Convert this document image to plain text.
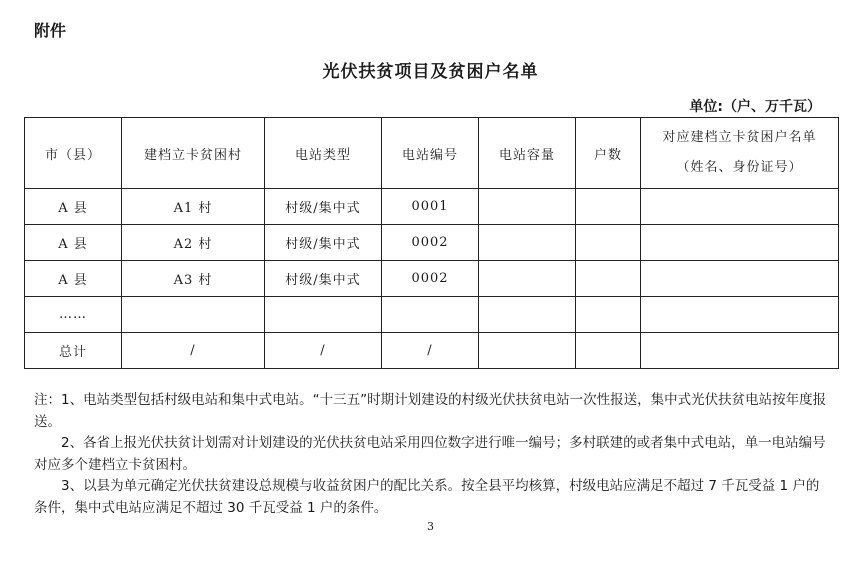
附件
光伏扶贫项目及贫困户名单
单位:（户、万千瓦）
市（县）	建档立卡贫困村	电站类型	电站编号	电站容量	户数	对应建档立卡贫困户名单
（姓名、身份证号）

A 县	A1 村	村级/集中式	0001			
A 县	A2 村	村级/集中式	0002			
A 县	A3 村	村级/集中式	0002			
……						
总计	/	/	/			

注：1、电站类型包括村级电站和集中式电站。“十三五”时期计划建设的村级光伏扶贫电站一次性报送，集中式光伏扶贫电站按年度报送。

2、各省上报光伏扶贫计划需对计划建设的光伏扶贫电站采用四位数字进行唯一编号；多村联建的或者集中式电站，单一电站编号对应多个建档立卡贫困村。

3、以县为单元确定光伏扶贫建设总规模与收益贫困户的配比关系。按全县平均核算，村级电站应满足不超过 7 千瓦受益 1 户的条件，集中式电站应满足不超过 30 千瓦受益 1 户的条件。

3
